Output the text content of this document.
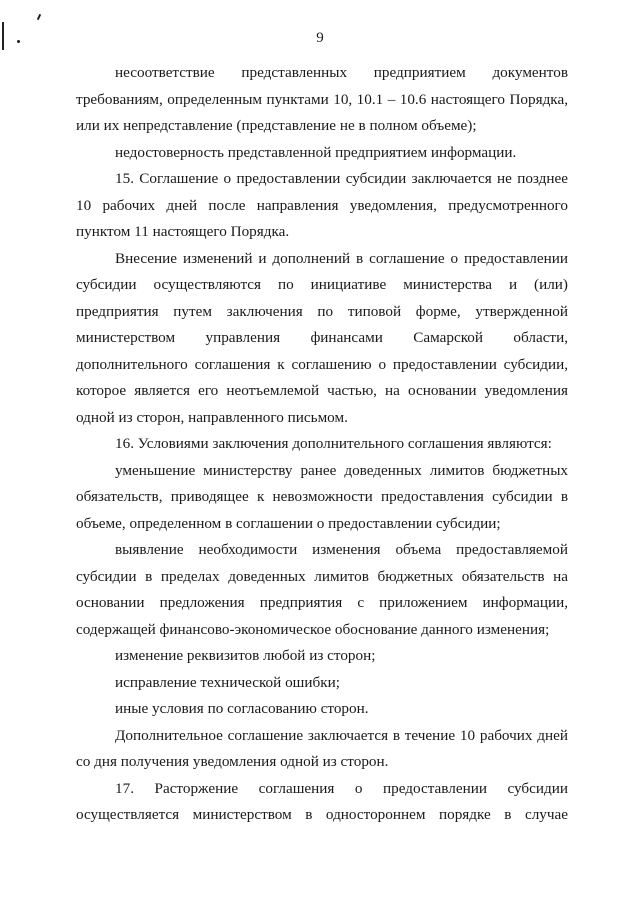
9

несоответствие представленных предприятием документов требованиям, определенным пунктами 10, 10.1 – 10.6 настоящего Порядка, или их непредставление (представление не в полном объеме);

недостоверность представленной предприятием информации.

15. Соглашение о предоставлении субсидии заключается не позднее 10 рабочих дней после направления уведомления, предусмотренного пунктом 11 настоящего Порядка.

Внесение изменений и дополнений в соглашение о предоставлении субсидии осуществляются по инициативе министерства и (или) предприятия путем заключения по типовой форме, утвержденной министерством управления финансами Самарской области, дополнительного соглашения к соглашению о предоставлении субсидии, которое является его неотъемлемой частью, на основании уведомления одной из сторон, направленного письмом.

16. Условиями заключения дополнительного соглашения являются:

уменьшение министерству ранее доведенных лимитов бюджетных обязательств, приводящее к невозможности предоставления субсидии в объеме, определенном в соглашении о предоставлении субсидии;

выявление необходимости изменения объема предоставляемой субсидии в пределах доведенных лимитов бюджетных обязательств на основании предложения предприятия с приложением информации, содержащей финансово-экономическое обоснование данного изменения;

изменение реквизитов любой из сторон;

исправление технической ошибки;

иные условия по согласованию сторон.

Дополнительное соглашение заключается в течение 10 рабочих дней со дня получения уведомления одной из сторон.

17. Расторжение соглашения о предоставлении субсидии осуществляется министерством в одностороннем порядке в случае
